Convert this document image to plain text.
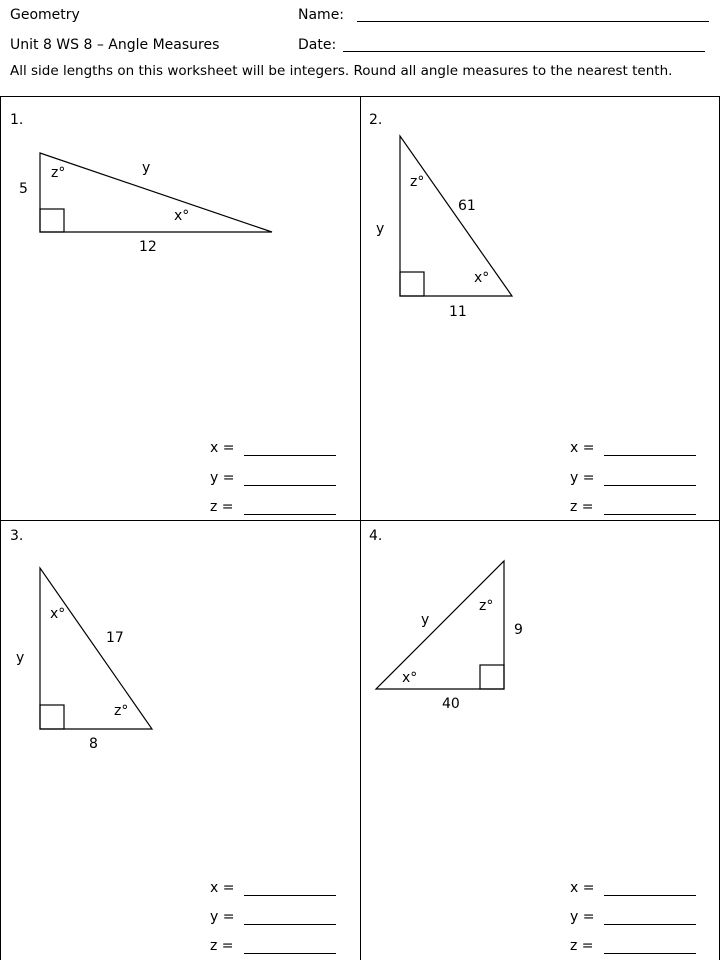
Geometry	Name:
Unit 8 WS 8 – Angle Measures	Date:
All side lengths on this worksheet will be integers. Round all angle measures to the nearest tenth.
1.
5
12
y
z°
x°
x =
y =
z =
2.
y
11
61
z°
x°
x =
y =
z =
3.
y
8
17
x°
z°
x =
y =
z =
4.
9
40
y
z°
x°
x =
y =
z =
